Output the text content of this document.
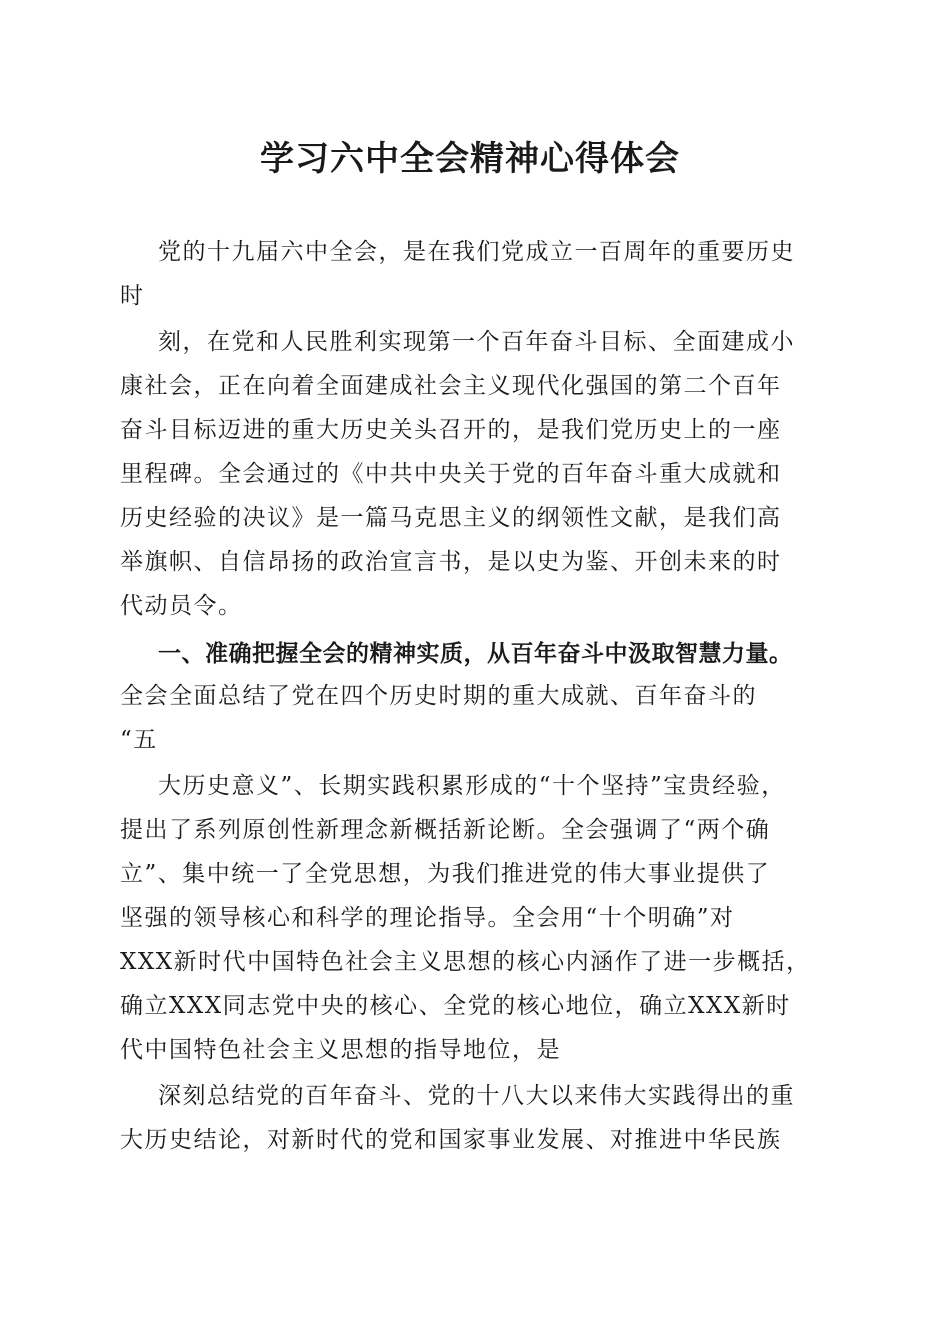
学习六中全会精神心得体会
党的十九届六中全会，是在我们党成立一百周年的重要历史
时
刻，在党和人民胜利实现第一个百年奋斗目标、全面建成小
康社会，正在向着全面建成社会主义现代化强国的第二个百年
奋斗目标迈进的重大历史关头召开的，是我们党历史上的一座
里程碑。全会通过的《中共中央关于党的百年奋斗重大成就和
历史经验的决议》是一篇马克思主义的纲领性文献，是我们高
举旗帜、自信昂扬的政治宣言书，是以史为鉴、开创未来的时
代动员令。
一、准确把握全会的精神实质，从百年奋斗中汲取智慧力量。
全会全面总结了党在四个历史时期的重大成就、百年奋斗的
“五
大历史意义”、长期实践积累形成的“十个坚持”宝贵经验，
提出了系列原创性新理念新概括新论断。全会强调了“两个确
立”、集中统一了全党思想，为我们推进党的伟大事业提供了
坚强的领导核心和科学的理论指导。全会用“十个明确”对
XXX新时代中国特色社会主义思想的核心内涵作了进一步概括，
确立XXX同志党中央的核心、全党的核心地位，确立XXX新时
代中国特色社会主义思想的指导地位，是
深刻总结党的百年奋斗、党的十八大以来伟大实践得出的重
大历史结论，对新时代的党和国家事业发展、对推进中华民族
